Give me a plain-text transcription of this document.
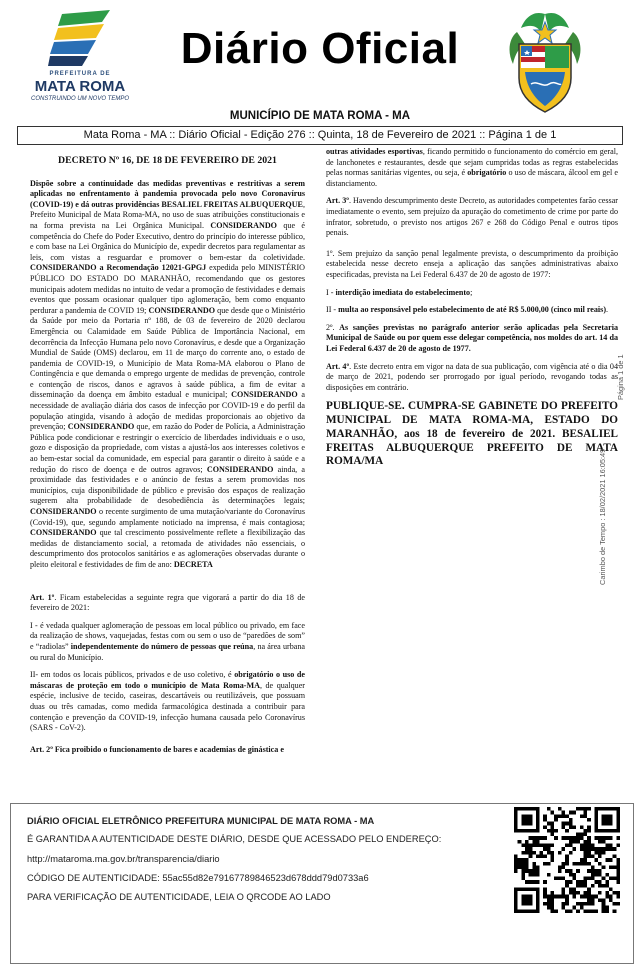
PREFEITURA DE
MATA ROMA
CONSTRUINDO UM NOVO TEMPO
Diário Oficial
MUNICÍPIO DE MATA ROMA - MA
Mata Roma - MA :: Diário Oficial - Edição 276 :: Quinta, 18 de Fevereiro de 2021 :: Página 1 de 1

DECRETO Nº 16, DE 18 DE FEVEREIRO DE 2021

Dispõe sobre a continuidade das medidas preventivas e restritivas a serem aplicadas no enfrentamento à pandemia provocada pelo novo Coronavírus (COVID-19) e dá outras providências BESALIEL FREITAS ALBUQUERQUE, Prefeito Municipal de Mata Roma-MA, no uso de suas atribuições constitucionais e na forma prevista na Lei Orgânica Municipal. CONSIDERANDO que é competência do Chefe do Poder Executivo, dentro do princípio do interesse público, e com base na Lei Orgânica do Município de, expedir decretos para regulamentar as leis, com vistas a resguardar e promover o bem-estar da coletividade. CONSIDERANDO a Recomendação 12021-GPGJ expedida pelo MINISTÉRIO PÚBLICO DO ESTADO DO MARANHÃO, recomendando que os gestores municipais adotem medidas no intuito de vedar a promoção de festividades e demais eventos que possam ocasionar qualquer tipo aglomeração, bem como enquanto perdurar a pandemia de COVID 19; CONSIDERANDO que desde que o Ministério da Saúde por meio da Portaria nº 188, de 03 de fevereiro de 2020 declarou Emergência ou Calamidade em Saúde Pública de Importância Nacional, em decorrência da Infecção Humana pelo novo Coronavírus, e desde que a Organização Mundial de Saúde (OMS) declarou, em 11 de março do corrente ano, o estado de pandemia de COVID-19, o Município de Mata Roma-MA elaborou o Plano de Contingência e que demanda o emprego urgente de medidas de prevenção, controle e contenção de riscos, danos e agravos à saúde pública, a fim de evitar a disseminação da doença em âmbito estadual e municipal; CONSIDERANDO a necessidade de avaliação diária dos casos de infecção por COVID-19 e do perfil da população atingida, visando à adoção de medidas proporcionais ao objetivo da prevenção; CONSIDERANDO que, em razão do Poder de Polícia, a Administração Pública pode condicionar e restringir o exercício de liberdades individuais e o uso, gozo e disposição da propriedade, com vistas a ajustá-los aos interesses coletivos e ao bem-estar social da comunidade, em especial para garantir o direito à saúde e a redução do risco de doença e de outros agravos; CONSIDERANDO ainda, a proximidade das festividades e o anúncio de festas a serem promovidas nos municípios, cuja disponibilidade de público e previsão dos espaços de realização sugerem alta probabilidade de desobediência às determinações legais; CONSIDERANDO o recente surgimento de uma mutação/variante do Coronavírus (Covid-19), que, segundo amplamente noticiado na imprensa, é mais contagiosa; CONSIDERANDO que tal crescimento possivelmente reflete a flexibilização das medidas de distanciamento social, a retomada de atividades não essenciais, o descumprimento dos protocolos sanitários e as aglomerações observadas durante o pleito eleitoral e festividades de fim de ano: DECRETA

Art. 1º. Ficam estabelecidas a seguinte regra que vigorará a partir do dia 18 de fevereiro de 2021:

I - é vedada qualquer aglomeração de pessoas em local público ou privado, em face da realização de shows, vaquejadas, festas com ou sem o uso de “paredões de som” e “radiolas” independentemente do número de pessoas que reúna, na área urbana ou rural do Município.

II- em todos os locais públicos, privados e de uso coletivo, é obrigatório o uso de máscaras de proteção em todo o município de Mata Roma-MA, de qualquer espécie, inclusive de tecido, caseiras, descartáveis ou reutilizáveis, que possuam duas ou três camadas, como medida farmacológica destinada a contribuir para contenção e prevenção da COVID-19, infecção humana causada pelo Coronavírus (SARS - CoV-2).

Art. 2º Fica proibido o funcionamento de bares e academias de ginástica e

outras atividades esportivas, ficando permitido o funcionamento do comércio em geral, de lanchonetes e restaurantes, desde que sejam cumpridas todas as regras estabelecidas pelas normas sanitárias vigentes, ou seja, é obrigatório o uso de máscara, álcool em gel e distanciamento.

Art. 3º. Havendo descumprimento deste Decreto, as autoridades competentes farão cessar imediatamente o evento, sem prejuízo da apuração do cometimento de crime por parte do infrator, sobretudo, o previsto nos artigos 267 e 268 do Código Penal e outros tipos penais.

1º. Sem prejuízo da sanção penal legalmente prevista, o descumprimento da proibição estabelecida nesse decreto enseja a aplicação das sanções administrativas abaixo especificadas, prevista na Lei Federal 6.437 de 20 de agosto de 1977:

I - interdição imediata do estabelecimento;

II - multa ao responsável pelo estabelecimento de até R$ 5.000,00 (cinco mil reais).

2º. As sanções previstas no parágrafo anterior serão aplicadas pela Secretaria Municipal de Saúde ou por quem esse delegar competência, nos moldes do art. 14 da Lei Federal 6.437 de 20 de agosto de 1977.

Art. 4º. Este decreto entra em vigor na data de sua publicação, com vigência até o dia 04 de março de 2021, podendo ser prorrogado por igual período, revogando todas as disposições em contrário.

PUBLIQUE-SE. CUMPRA-SE GABINETE DO PREFEITO MUNICIPAL DE MATA ROMA-MA, ESTADO DO MARANHÃO, aos 18 de fevereiro de 2021. BESALIEL FREITAS ALBUQUERQUE PREFEITO DE MATA ROMA/MA	Carimbo de Tempo : 18/02/2021 16:05:49
Página 1 de 1
DIÁRIO OFICIAL ELETRÔNICO PREFEITURA MUNICIPAL DE MATA ROMA - MA
É GARANTIDA A AUTENTICIDADE DESTE DIÁRIO, DESDE QUE ACESSADO PELO ENDEREÇO:
http://mataroma.ma.gov.br/transparencia/diario
CÓDIGO DE AUTENTICIDADE: 55ac55d82e79167789846523d678ddd79d0733a6
PARA VERIFICAÇÃO DE AUTENTICIDADE, LEIA O QRCODE AO LADO
